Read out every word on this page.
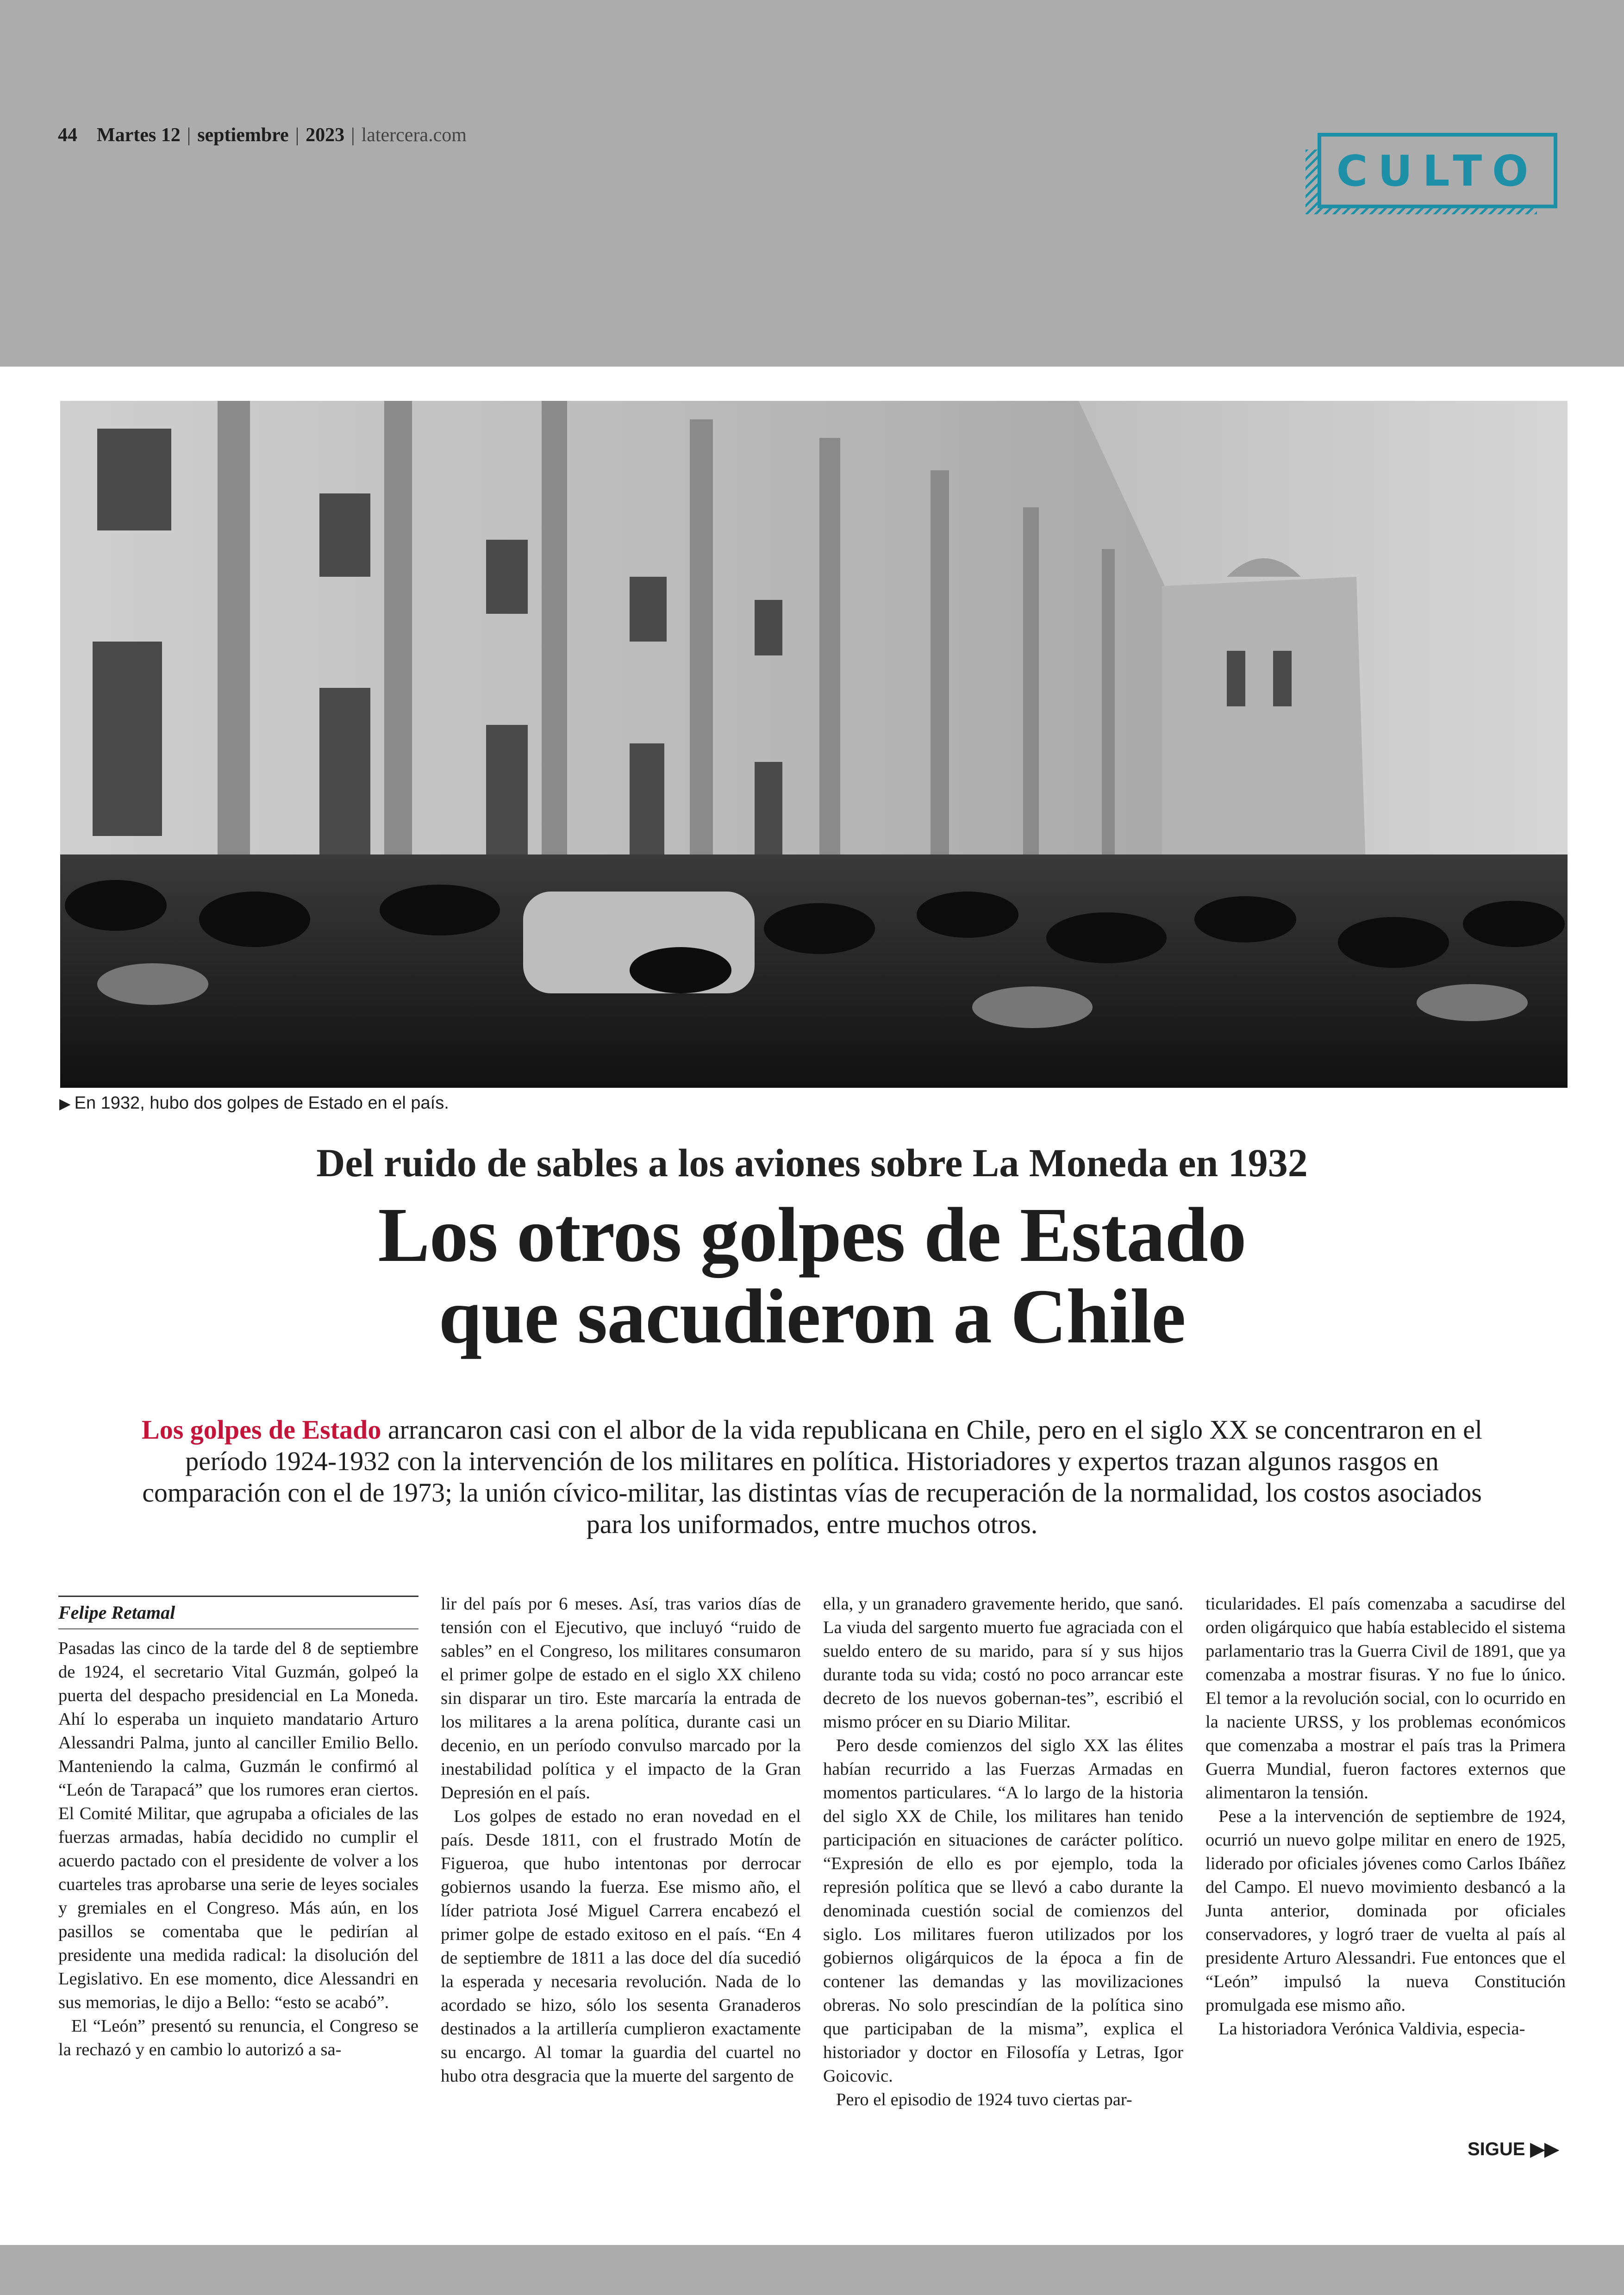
44 Martes 12 | septiembre | 2023 | latercera.com
CULTO
▶ En 1932, hubo dos golpes de Estado en el país.
Del ruido de sables a los aviones sobre La Moneda en 1932
Los otros golpes de Estado
que sacudieron a Chile
Los golpes de Estado arrancaron casi con el albor de la vida republicana en Chile, pero en el siglo XX se concentraron en el período 1924-1932 con la intervención de los militares en política. Historiadores y expertos trazan algunos rasgos en comparación con el de 1973; la unión cívico-militar, las distintas vías de recuperación de la normalidad, los costos asociados para los uniformados, entre muchos otros.
Felipe Retamal

Pasadas las cinco de la tarde del 8 de septiembre de 1924, el secretario Vital Guzmán, golpeó la puerta del despacho presidencial en La Moneda. Ahí lo esperaba un inquieto mandatario Arturo Alessandri Palma, junto al canciller Emilio Bello. Manteniendo la calma, Guzmán le confirmó al “León de Tarapacá” que los rumores eran ciertos. El Comité Militar, que agrupaba a oficiales de las fuerzas armadas, había decidido no cumplir el acuerdo pactado con el presidente de volver a los cuarteles tras aprobarse una serie de leyes sociales y gremiales en el Congreso. Más aún, en los pasillos se comentaba que le pedirían al presidente una medida radical: la disolución del Legislativo. En ese momento, dice Alessandri en sus memorias, le dijo a Bello: “esto se acabó”.

El “León” presentó su renuncia, el Congreso se la rechazó y en cambio lo autorizó a sa-

lir del país por 6 meses. Así, tras varios días de tensión con el Ejecutivo, que incluyó “ruido de sables” en el Congreso, los militares consumaron el primer golpe de estado en el siglo XX chileno sin disparar un tiro. Este marcaría la entrada de los militares a la arena política, durante casi un decenio, en un período convulso marcado por la inestabilidad política y el impacto de la Gran Depresión en el país.

Los golpes de estado no eran novedad en el país. Desde 1811, con el frustrado Motín de Figueroa, que hubo intentonas por derrocar gobiernos usando la fuerza. Ese mismo año, el líder patriota José Miguel Carrera encabezó el primer golpe de estado exitoso en el país. “En 4 de septiembre de 1811 a las doce del día sucedió la esperada y necesaria revolución. Nada de lo acordado se hizo, sólo los sesenta Granaderos destinados a la artillería cumplieron exactamente su encargo. Al tomar la guardia del cuartel no hubo otra desgracia que la muerte del sargento de

ella, y un granadero gravemente herido, que sanó. La viuda del sargento muerto fue agraciada con el sueldo entero de su marido, para sí y sus hijos durante toda su vida; costó no poco arrancar este decreto de los nuevos gobernan-tes”, escribió el mismo prócer en su Diario Militar.

Pero desde comienzos del siglo XX las élites habían recurrido a las Fuerzas Armadas en momentos particulares. “A lo largo de la historia del siglo XX de Chile, los militares han tenido participación en situaciones de carácter político. “Expresión de ello es por ejemplo, toda la represión política que se llevó a cabo durante la denominada cuestión social de comienzos del siglo. Los militares fueron utilizados por los gobiernos oligárquicos de la época a fin de contener las demandas y las movilizaciones obreras. No solo prescindían de la política sino que participaban de la misma”, explica el historiador y doctor en Filosofía y Letras, Igor Goicovic.

Pero el episodio de 1924 tuvo ciertas par-

ticularidades. El país comenzaba a sacudirse del orden oligárquico que había establecido el sistema parlamentario tras la Guerra Civil de 1891, que ya comenzaba a mostrar fisuras. Y no fue lo único. El temor a la revolución social, con lo ocurrido en la naciente URSS, y los problemas económicos que comenzaba a mostrar el país tras la Primera Guerra Mundial, fueron factores externos que alimentaron la tensión.

Pese a la intervención de septiembre de 1924, ocurrió un nuevo golpe militar en enero de 1925, liderado por oficiales jóvenes como Carlos Ibáñez del Campo. El nuevo movimiento desbancó a la Junta anterior, dominada por oficiales conservadores, y logró traer de vuelta al país al presidente Arturo Alessandri. Fue entonces que el “León” impulsó la nueva Constitución promulgada ese mismo año.

La historiadora Verónica Valdivia, especia-

SIGUE ▶▶
